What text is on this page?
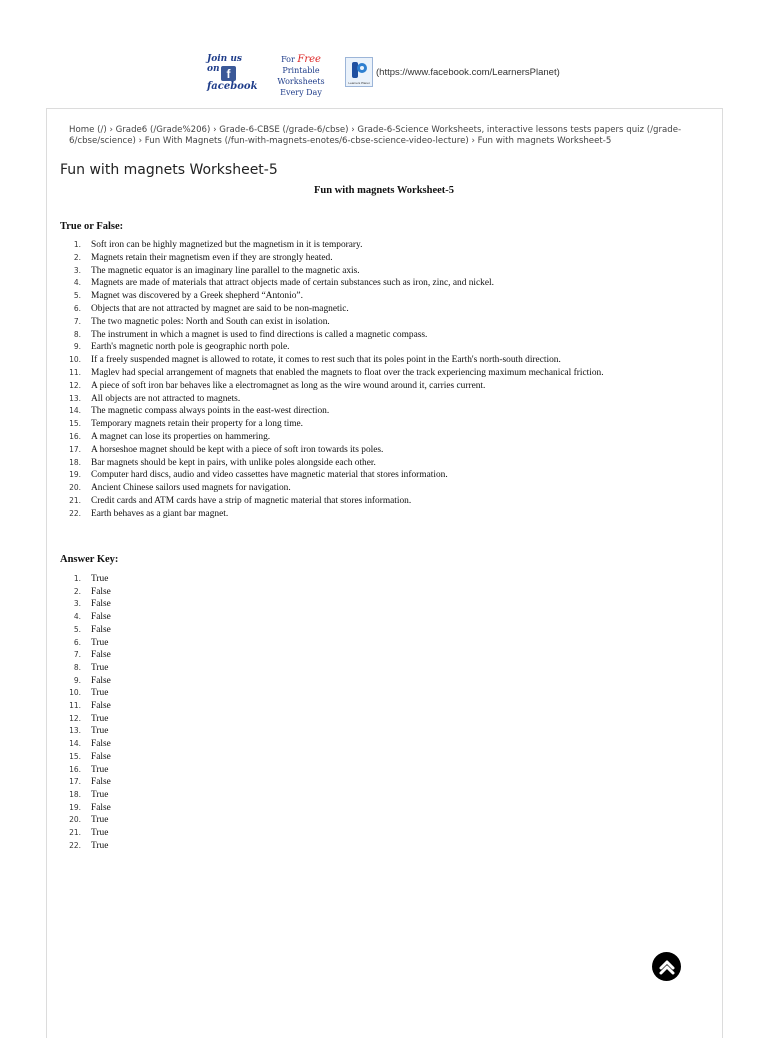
Join us on f
facebook
For Free
Printable Worksheets
Every Day
Learners Planet
(https://www.facebook.com/LearnersPlanet)
Home (/) › Grade6 (/Grade%206) › Grade-6-CBSE (/grade-6/cbse) › Grade-6-Science Worksheets, interactive lessons tests papers quiz (/grade-6/cbse/science) › Fun With Magnets (/fun-with-magnets-enotes/6-cbse-science-video-lecture) › Fun with magnets Worksheet-5
Fun with magnets Worksheet-5
Fun with magnets Worksheet-5
True or False:
1.	Soft iron can be highly magnetized but the magnetism in it is temporary.
2.	Magnets retain their magnetism even if they are strongly heated.
3.	The magnetic equator is an imaginary line parallel to the magnetic axis.
4.	Magnets are made of materials that attract objects made of certain substances such as iron, zinc, and nickel.
5.	Magnet was discovered by a Greek shepherd “Antonio”.
6.	Objects that are not attracted by magnet are said to be non-magnetic.
7.	The two magnetic poles: North and South can exist in isolation.
8.	The instrument in which a magnet is used to find directions is called a magnetic compass.
9.	Earth's magnetic north pole is geographic north pole.
10.	If a freely suspended magnet is allowed to rotate, it comes to rest such that its poles point in the Earth's north-south direction.
11.	Maglev had special arrangement of magnets that enabled the magnets to float over the track experiencing maximum mechanical friction.
12.	A piece of soft iron bar behaves like a electromagnet as long as the wire wound around it, carries current.
13.	All objects are not attracted to magnets.
14.	The magnetic compass always points in the east-west direction.
15.	Temporary magnets retain their property for a long time.
16.	A magnet can lose its properties on hammering.
17.	A horseshoe magnet should be kept with a piece of soft iron towards its poles.
18.	Bar magnets should be kept in pairs, with unlike poles alongside each other.
19.	Computer hard discs, audio and video cassettes have magnetic material that stores information.
20.	Ancient Chinese sailors used magnets for navigation.
21.	Credit cards and ATM cards have a strip of magnetic material that stores information.
22.	Earth behaves as a giant bar magnet.
Answer Key:
1.	True
2.	False
3.	False
4.	False
5.	False
6.	True
7.	False
8.	True
9.	False
10.	True
11.	False
12.	True
13.	True
14.	False
15.	False
16.	True
17.	False
18.	True
19.	False
20.	True
21.	True
22.	True
